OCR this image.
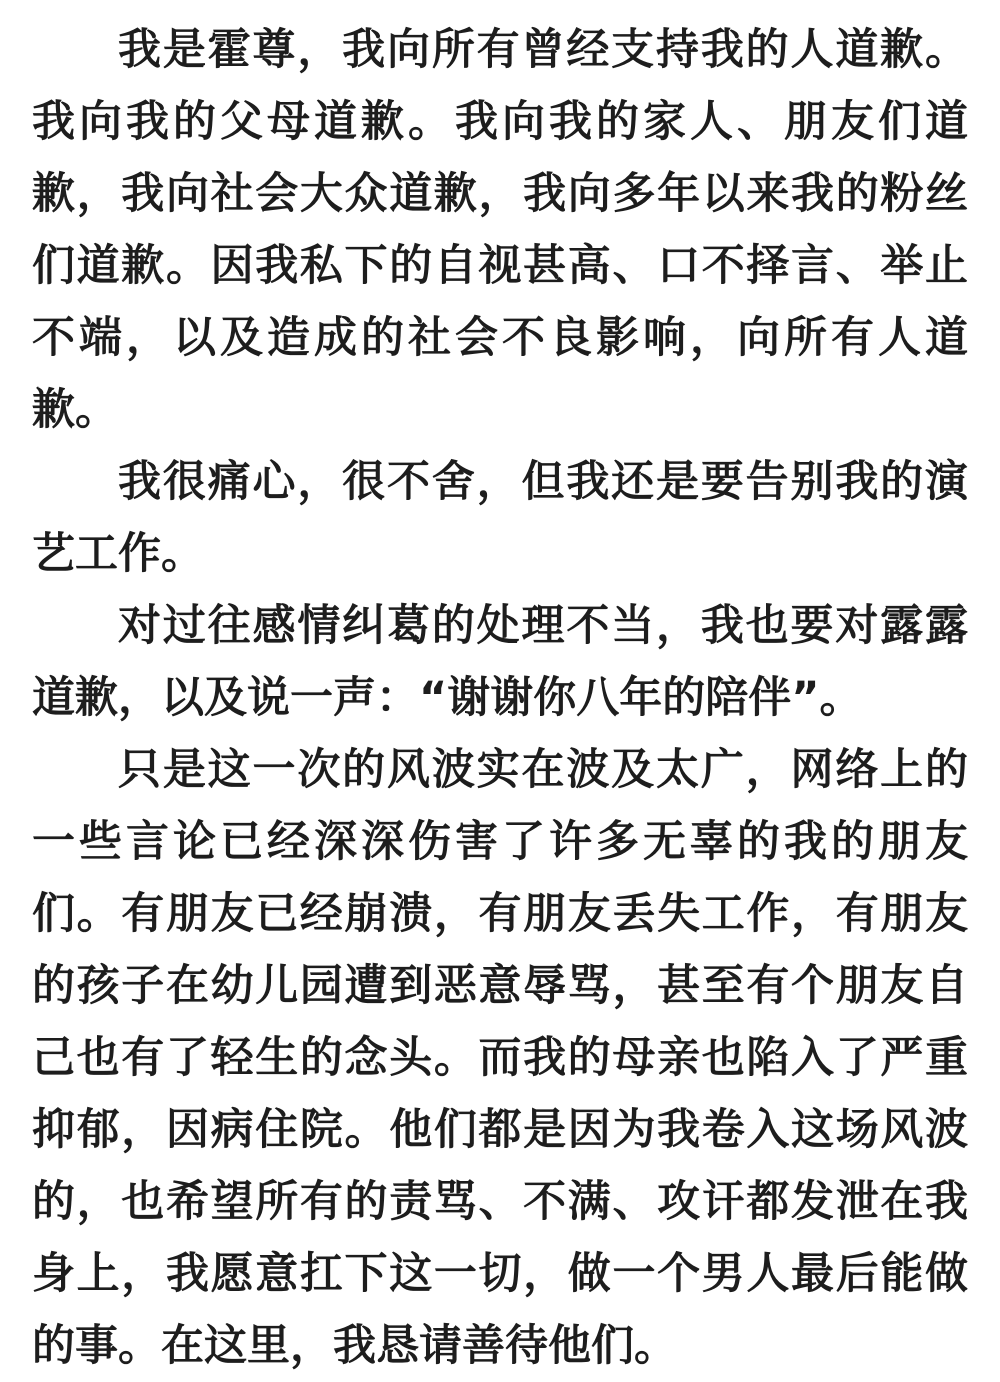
我是霍尊，我向所有曾经支持我的人道歉。我向我的父母道歉。我向我的家人、朋友们道歉，我向社会大众道歉，我向多年以来我的粉丝们道歉。因我私下的自视甚高、口不择言、举止不端，以及造成的社会不良影响，向所有人道歉。

我很痛心，很不舍，但我还是要告别我的演艺工作。

对过往感情纠葛的处理不当，我也要对露露道歉，以及说一声：“谢谢你八年的陪伴”。

只是这一次的风波实在波及太广，网络上的一些言论已经深深伤害了许多无辜的我的朋友们。有朋友已经崩溃，有朋友丢失工作，有朋友的孩子在幼儿园遭到恶意辱骂，甚至有个朋友自己也有了轻生的念头。而我的母亲也陷入了严重抑郁，因病住院。他们都是因为我卷入这场风波的，也希望所有的责骂、不满、攻讦都发泄在我身上，我愿意扛下这一切，做一个男人最后能做的事。在这里，我恳请善待他们。
